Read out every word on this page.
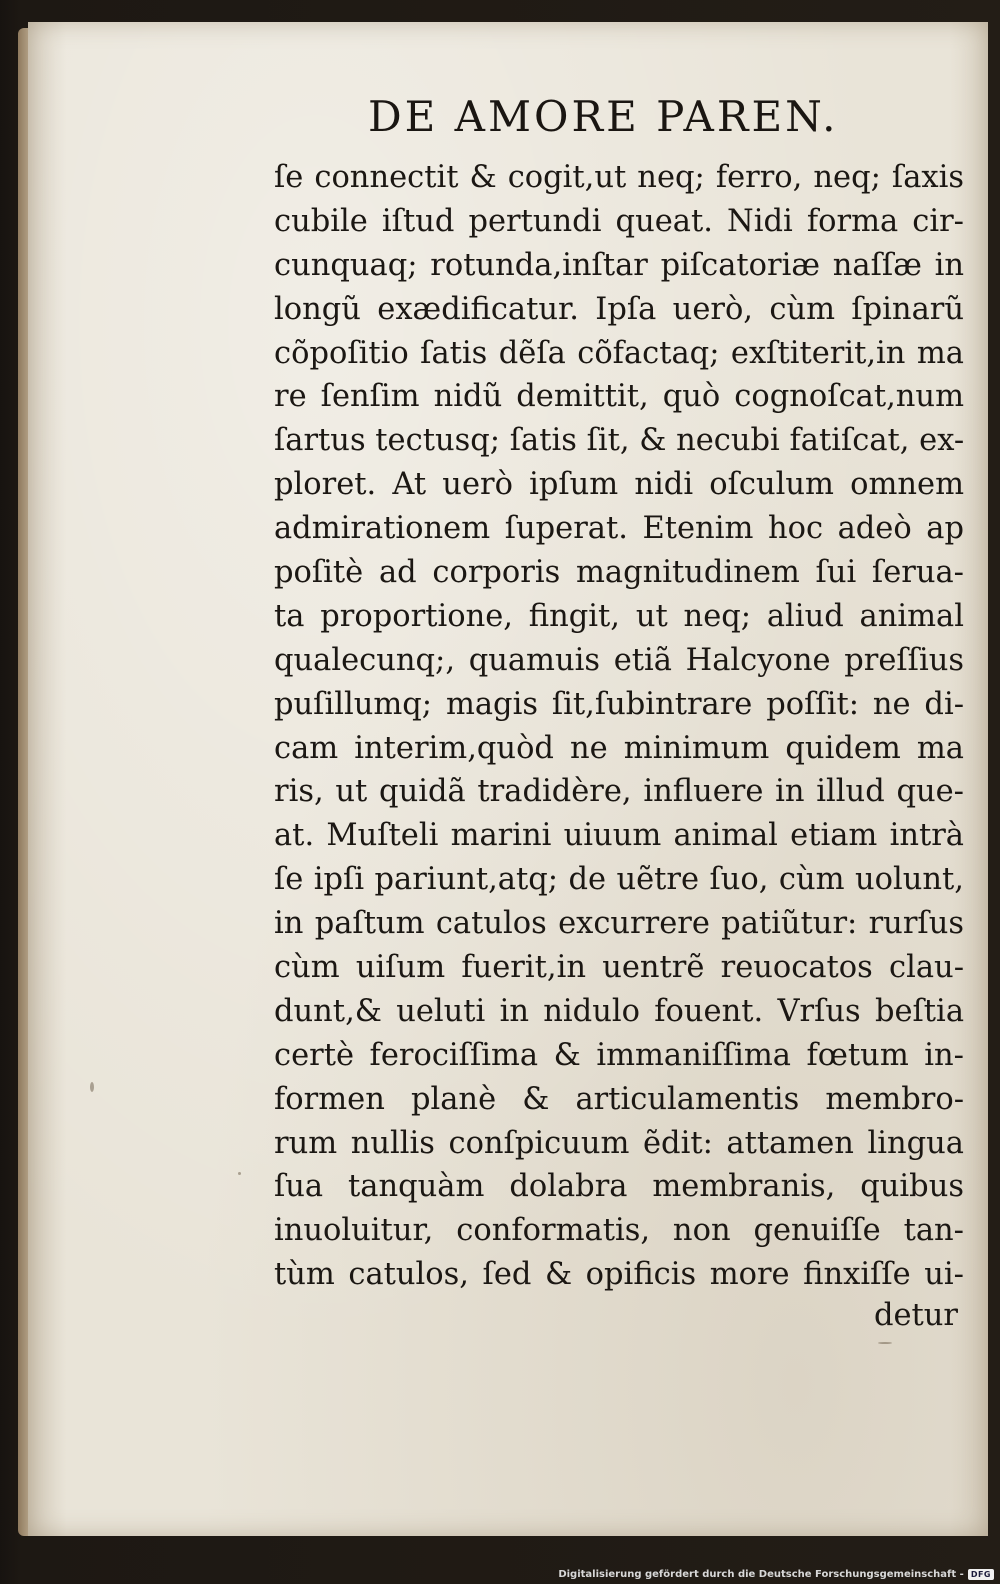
DE AMORE PAREN.
ſe connectit & cogit,ut neq; ferro, neq; ſaxis
cubile iſtud pertundi queat. Nidi forma cir-
cunquaq; rotunda,inſtar piſcatoriæ naſſæ in
longũ exædificatur. Ipſa uerò, cùm ſpinarũ
cõpoſitio ſatis dẽſa cõfactaq; exſtiterit,in ma
re ſenſim nidũ demittit, quò cognoſcat,num
ſartus tectusq; ſatis ſit, & necubi fatiſcat, ex-
ploret. At uerò ipſum nidi oſculum omnem
admirationem ſuperat. Etenim hoc adeò ap
poſitè ad corporis magnitudinem ſui ſerua-
ta proportione, fingit, ut neq; aliud animal
qualecunq;, quamuis etiã Halcyone preſſius
puſillumq; magis ſit,ſubintrare poſſit: ne di-
cam interim,quòd ne minimum quidem ma
ris, ut quidã tradidère, influere in illud que-
at. Muſteli marini uiuum animal etiam intrà
ſe ipſi pariunt,atq; de uẽtre ſuo, cùm uolunt,
in paſtum catulos excurrere patiũtur: rurſus
cùm uiſum fuerit,in uentrẽ reuocatos clau-
dunt,& ueluti in nidulo fouent. Vrſus beſtia
certè ferociſſima & immaniſſima fœtum in-
formen planè & articulamentis membro-
rum nullis conſpicuum ẽdit: attamen lingua
ſua tanquàm dolabra membranis, quibus
inuoluitur, conformatis, non genuiſſe tan-
tùm catulos, ſed & opificis more finxiſſe ui-
detur
Digitalisierung gefördert durch die Deutsche Forschungsgemeinschaft - DFG
